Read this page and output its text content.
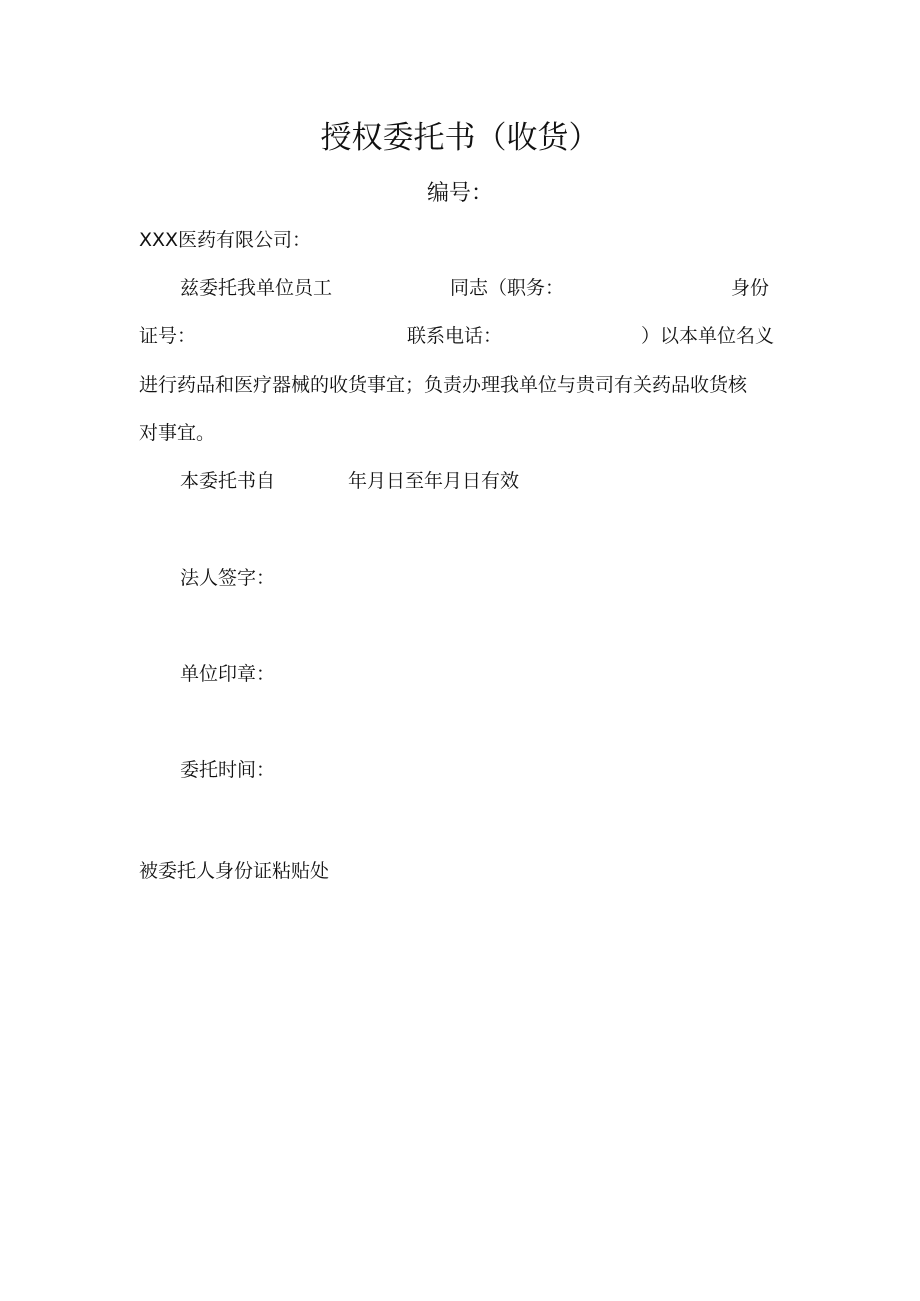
授权委托书（收货）
编号：
XXX医药有限公司：
兹委托我单位员工	同志（职务：	身份
证号：	联系电话：	）以本单位名义
进行药品和医疗器械的收货事宜；负责办理我单位与贵司有关药品收货核
对事宜。
本委托书自	年月日至年月日有效
法人签字：
单位印章：
委托时间：
被委托人身份证粘贴处
